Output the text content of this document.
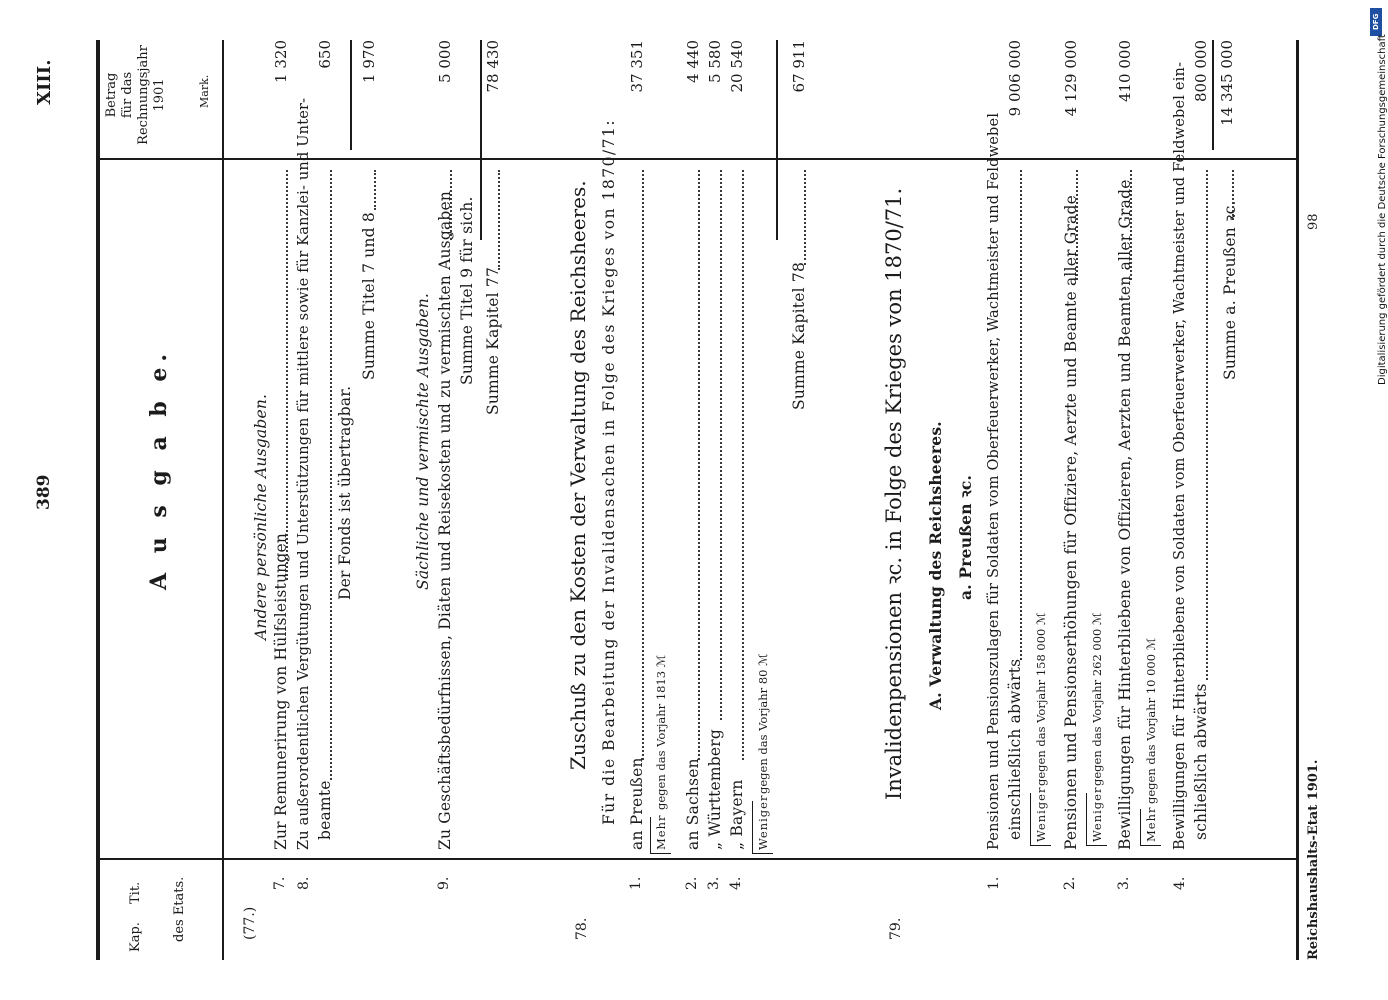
389
XIII.
Kap.
Tit. des Etats.
A u s g a b e.
Betrag für das Rechnungsjahr 1901	Mark.
(77.)
Andere persönliche Ausgaben.
7.
Zur Remunerirung von Hülfsleistungen
1 320
8.
Zu außerordentlichen Vergütungen und Unterstützungen für mittlere sowie für Kanzlei- und Unter- beamte
650
Der Fonds ist übertragbar.
Summe Titel 7 und 8
1 970
Sächliche und vermischte Ausgaben.
9.
Zu Geschäftsbedürfnissen, Diäten und Reisekosten und zu vermischten Ausgaben
5 000
Summe Titel 9 für sich. Summe Kapitel 77
78 430
78.
Zuschuß zu den Kosten der Verwaltung des Reichsheeres. Für die Bearbeitung der Invalidensachen in Folge des Krieges von 1870/71:
1.
an Preußen
37 351
Mehr
gegen das Vorjahr 1813 ℳ
2.
an Sachsen
4 440
3.
„ Württemberg
5 580
4.
„ Bayern
20 540
Weniger
gegen das Vorjahr 80 ℳ
Summe Kapitel 78
67 911
79.
Invalidenpensionen ꝛc. in Folge des Krieges von 1870/71. A. Verwaltung des Reichsheeres. a. Preußen ꝛc.
1.
Pensionen und Pensionszulagen für Soldaten vom Oberfeuerwerker, Wachtmeister und Feldwebel einschließlich abwärts
9 006 000
Weniger
gegen das Vorjahr 158 000 ℳ
2.
Pensionen und Pensionserhöhungen für Offiziere, Aerzte und Beamte aller Grade
4 129 000
Weniger
gegen das Vorjahr 262 000 ℳ
3.
Bewilligungen für Hinterbliebene von Offizieren, Aerzten und Beamten aller Grade
410 000
Mehr
gegen das Vorjahr 10 000 ℳ
4.
Bewilligungen für Hinterbliebene von Soldaten vom Oberfeuerwerker, Wachtmeister und Feldwebel ein- schließlich abwärts
800 000
Summe a. Preußen ꝛc.
14 345 000
Reichshaushalts-Etat 1901.
98
DFG
Digitalisierung gefördert durch die Deutsche Forschungsgemeinschaft
